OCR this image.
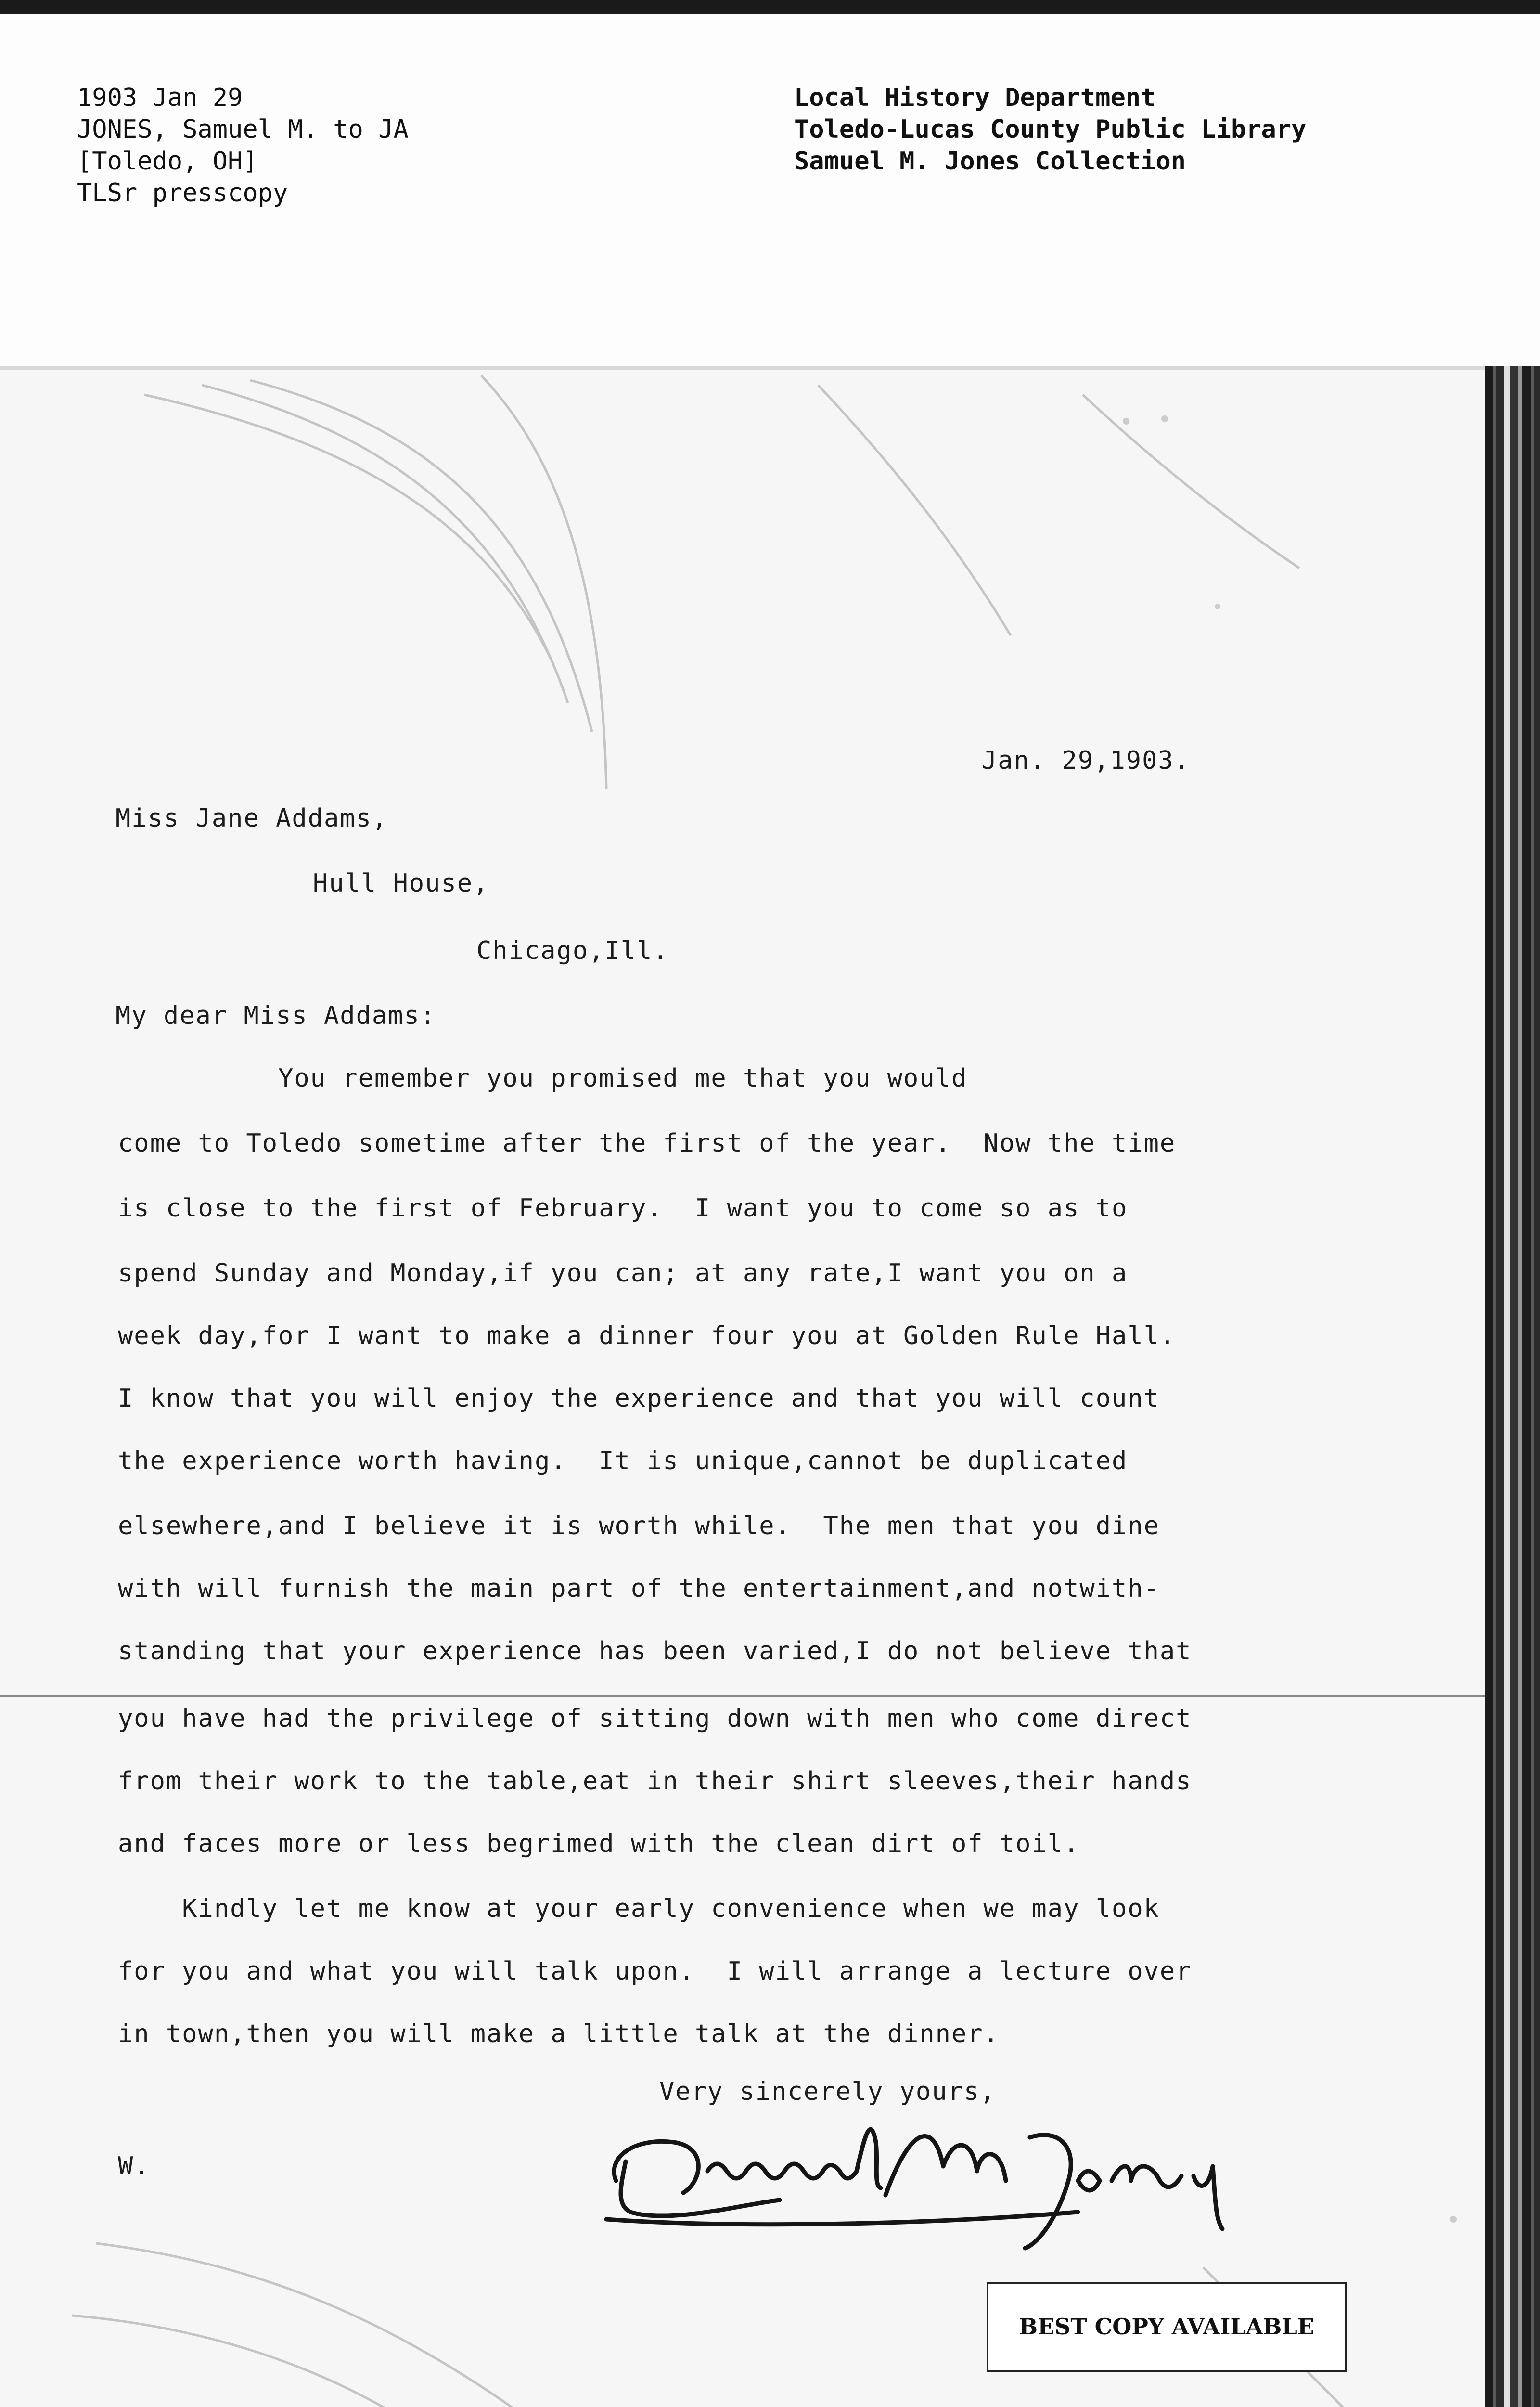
1903 Jan 29
JONES, Samuel M. to JA
[Toledo, OH]
TLSr presscopy
Local History Department
Toledo-Lucas County Public Library
Samuel M. Jones Collection
Jan. 29,1903.
Miss Jane Addams,
Hull House,
Chicago,Ill.
My dear Miss Addams:
You remember you promised me that you would
come to Toledo sometime after the first of the year.  Now the time
is close to the first of February.  I want you to come so as to
spend Sunday and Monday,if you can; at any rate,I want you on a
week day,for I want to make a dinner four you at Golden Rule Hall.
I know that you will enjoy the experience and that you will count
the experience worth having.  It is unique,cannot be duplicated
elsewhere,and I believe it is worth while.  The men that you dine
with will furnish the main part of the entertainment,and notwith-
standing that your experience has been varied,I do not believe that
you have had the privilege of sitting down with men who come direct
from their work to the table,eat in their shirt sleeves,their hands
and faces more or less begrimed with the clean dirt of toil.
Kindly let me know at your early convenience when we may look
for you and what you will talk upon.  I will arrange a lecture over
in town,then you will make a little talk at the dinner.
Very sincerely yours,
W.
BEST COPY AVAILABLE
